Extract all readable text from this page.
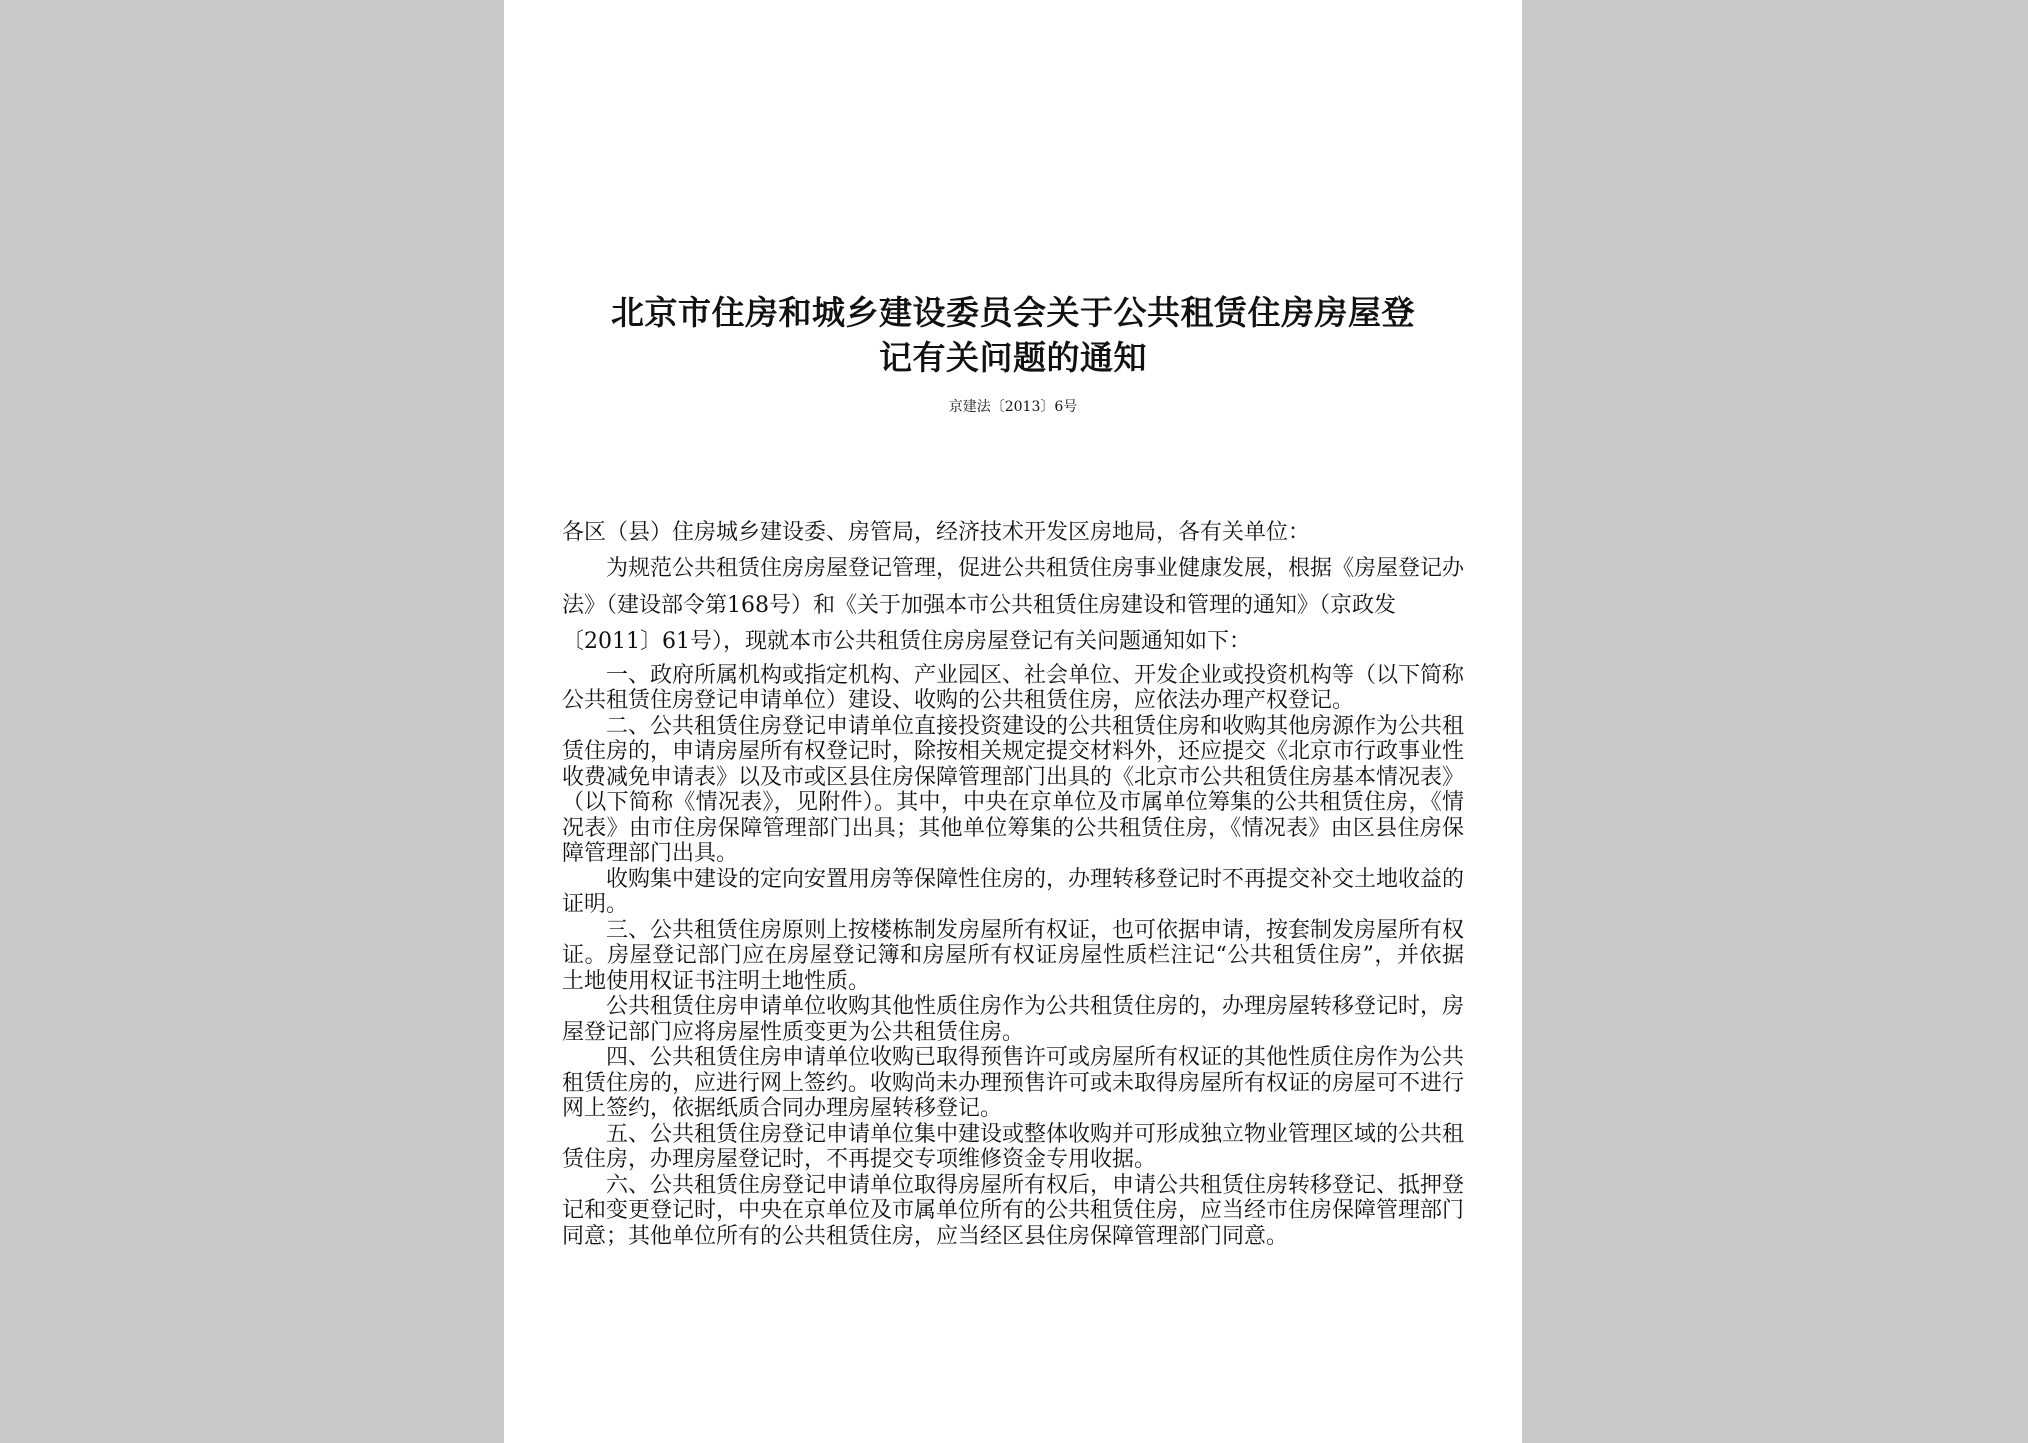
北京市住房和城乡建设委员会关于公共租赁住房房屋登
记有关问题的通知

京建法〔2013〕6号

各区（县）住房城乡建设委、房管局，经济技术开发区房地局，各有关单位：

为规范公共租赁住房房屋登记管理，促进公共租赁住房事业健康发展，根据《房屋登记办法》（建设部令第168号）和《关于加强本市公共租赁住房建设和管理的通知》（京政发〔2011〕61号），现就本市公共租赁住房房屋登记有关问题通知如下：

一、政府所属机构或指定机构、产业园区、社会单位、开发企业或投资机构等（以下简称公共租赁住房登记申请单位）建设、收购的公共租赁住房，应依法办理产权登记。

二、公共租赁住房登记申请单位直接投资建设的公共租赁住房和收购其他房源作为公共租赁住房的，申请房屋所有权登记时，除按相关规定提交材料外，还应提交《北京市行政事业性收费减免申请表》以及市或区县住房保障管理部门出具的《北京市公共租赁住房基本情况表》（以下简称《情况表》，见附件）。其中，中央在京单位及市属单位筹集的公共租赁住房，《情况表》由市住房保障管理部门出具；其他单位筹集的公共租赁住房，《情况表》由区县住房保障管理部门出具。

收购集中建设的定向安置用房等保障性住房的，办理转移登记时不再提交补交土地收益的证明。

三、公共租赁住房原则上按楼栋制发房屋所有权证，也可依据申请，按套制发房屋所有权证。房屋登记部门应在房屋登记簿和房屋所有权证房屋性质栏注记“公共租赁住房”，并依据土地使用权证书注明土地性质。

公共租赁住房申请单位收购其他性质住房作为公共租赁住房的，办理房屋转移登记时，房屋登记部门应将房屋性质变更为公共租赁住房。

四、公共租赁住房申请单位收购已取得预售许可或房屋所有权证的其他性质住房作为公共租赁住房的，应进行网上签约。收购尚未办理预售许可或未取得房屋所有权证的房屋可不进行网上签约，依据纸质合同办理房屋转移登记。

五、公共租赁住房登记申请单位集中建设或整体收购并可形成独立物业管理区域的公共租赁住房，办理房屋登记时，不再提交专项维修资金专用收据。

六、公共租赁住房登记申请单位取得房屋所有权后，申请公共租赁住房转移登记、抵押登记和变更登记时，中央在京单位及市属单位所有的公共租赁住房，应当经市住房保障管理部门同意；其他单位所有的公共租赁住房，应当经区县住房保障管理部门同意。
